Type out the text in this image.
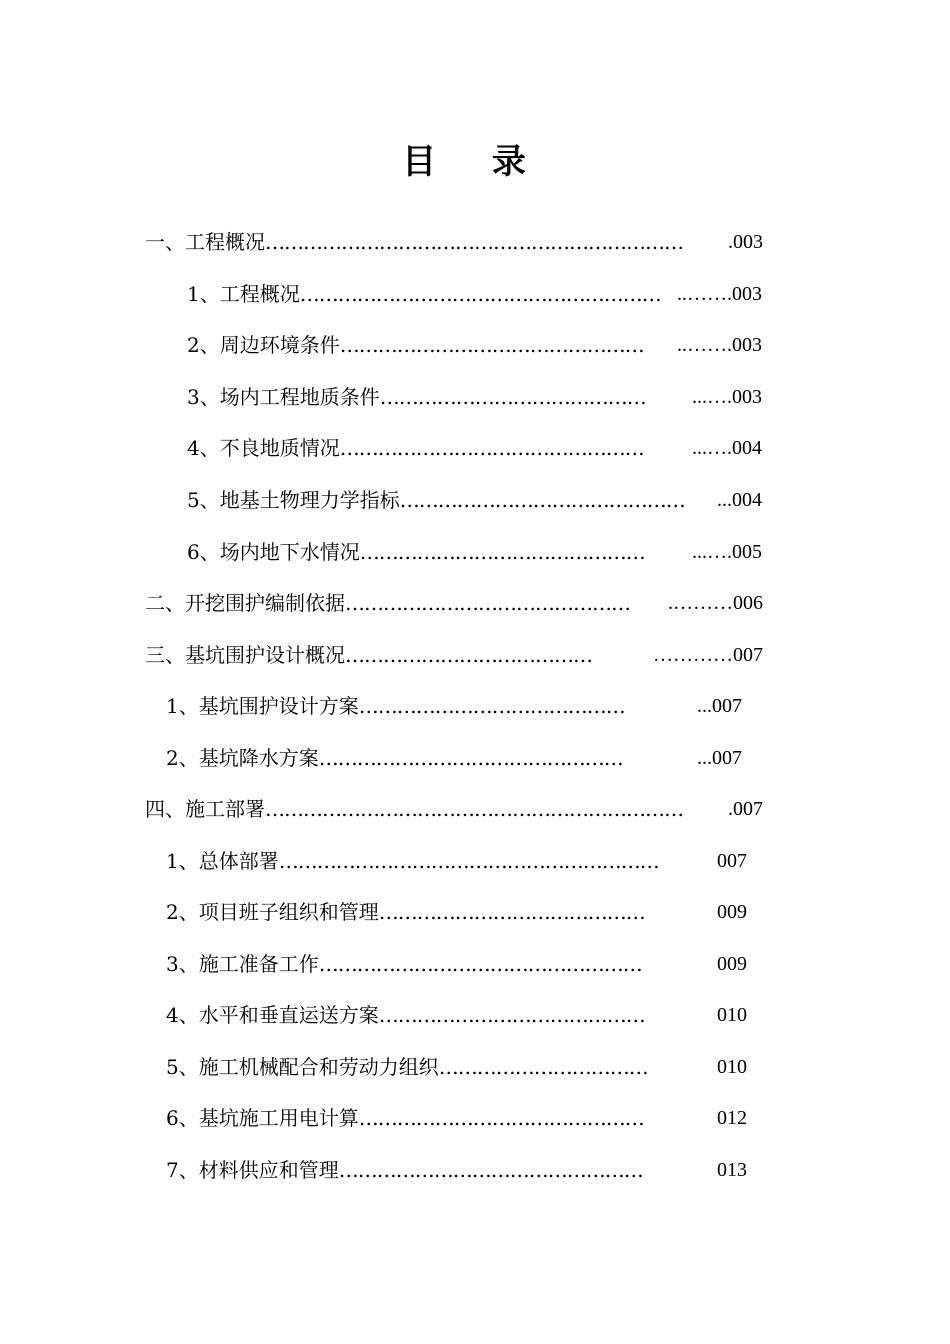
目 录
一、工程概况………………………………………………………… .003
1、工程概况………………………………………………… ..…….003
2、周边环境条件………………………………………… ..…….003
3、场内工程地质条件…………………………………… ...….003
4、不良地质情况………………………………………… ...….004
5、地基土物理力学指标……………………………………… ...004
6、场内地下水情况……………………………………… ...….005
二、开挖围护编制依据……………………………………… .………006
三、基坑围护设计概况…………………………………	…………007
1、基坑围护设计方案……………………………………	...007
2、基坑降水方案…………………………………………	...007
四、施工部署………………………………………………………… .007
1、总体部署……………………………………………………	007
2、项目班子组织和管理……………………………………	009
3、施工准备工作……………………………………………	009
4、水平和垂直运送方案……………………………………	010
5、施工机械配合和劳动力组织……………………………	010
6、基坑施工用电计算………………………………………	012
7、材料供应和管理…………………………………………	013
